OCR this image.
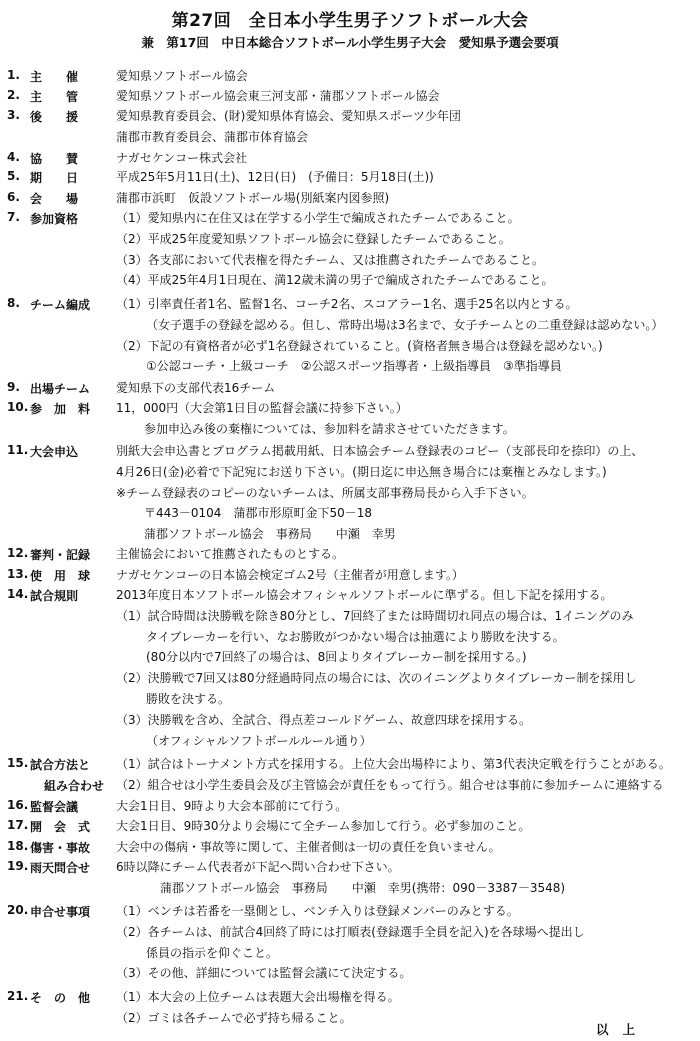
第27回　全日本小学生男子ソフトボール大会
兼　第17回　中日本総合ソフトボール小学生男子大会　愛知県予選会要項
1. 主　　催	愛知県ソフトボール協会
2. 主　　管	愛知県ソフトボール協会東三河支部・蒲郡ソフトボール協会
3. 後　　援	愛知県教育委員会、(財)愛知県体育協会、愛知県スポーツ少年団
蒲郡市教育委員会、蒲郡市体育協会
4. 協　　賛	ナガセケンコー株式会社
5. 期　　日	平成25年5月11日(土)、12日(日)　(予備日：5月18日(土))
6. 会　　場	蒲郡市浜町　仮設ソフトボール場(別紙案内図参照)
7. 参加資格	（1）愛知県内に在住又は在学する小学生で編成されたチームであること。
（2）平成25年度愛知県ソフトボール協会に登録したチームであること。
（3）各支部において代表権を得たチーム、又は推薦されたチームであること。
（4）平成25年4月1日現在、満12歳未満の男子で編成されたチームであること。
8. チーム編成 （1）引率責任者1名、監督1名、コーチ2名、スコアラー1名、選手25名以内とする。
（女子選手の登録を認める。但し、常時出場は3名まで、女子チームとの二重登録は認めない。）
（2）下記の有資格者が必ず1名登録されていること。(資格者無き場合は登録を認めない。)
①公認コーチ・上級コーチ　②公認スポーツ指導者・上級指導員　③準指導員
9. 出場チーム 愛知県下の支部代表16チーム
10. 参　加　料 11，000円（大会第1日目の監督会議に持参下さい。）
参加申込み後の棄権については、参加料を請求させていただきます。
11. 大会申込	別紙大会申込書とプログラム掲載用紙、日本協会チーム登録表のコピー（支部長印を捺印）の上、
4月26日(金)必着で下記宛にお送り下さい。(期日迄に申込無き場合には棄権とみなします。)
※チーム登録表のコピーのないチームは、所属支部事務局長から入手下さい。
〒443－0104　蒲郡市形原町金下50－18
蒲郡ソフトボール協会　事務局　　中瀬　幸男
12. 審判・記録 主催協会において推薦されたものとする。
13. 使　用　球 ナガセケンコーの日本協会検定ゴム2号（主催者が用意します。）
14. 試合規則	2013年度日本ソフトボール協会オフィシャルソフトボールに準ずる。但し下記を採用する。
（1）試合時間は決勝戦を除き80分とし、7回終了または時間切れ同点の場合は、1イニングのみ
タイブレーカーを行い、なお勝敗がつかない場合は抽選により勝敗を決する。
(80分以内で7回終了の場合は、8回よりタイブレーカー制を採用する。)
（2）決勝戦で7回又は80分経過時同点の場合には、次のイニングよりタイブレーカー制を採用し
勝敗を決する。
（3）決勝戦を含め、全試合、得点差コールドゲーム、故意四球を採用する。
（オフィシャルソフトボールルール通り）
15. 試合方法と
組み合わせ
（1）試合はトーナメント方式を採用する。上位大会出場枠により、第3代表決定戦を行うことがある。
（2）組合せは小学生委員会及び主管協会が責任をもって行う。組合せは事前に参加チームに連絡する
16. 監督会議	大会1日目、9時より大会本部前にて行う。
17. 開　会　式 大会1日目、9時30分より会場にて全チーム参加して行う。必ず参加のこと。
18. 傷害・事故 大会中の傷病・事故等に関して、主催者側は一切の責任を負いません。
19. 雨天問合せ 6時以降にチーム代表者が下記へ問い合わせ下さい。
蒲郡ソフトボール協会　事務局　　中瀬　幸男(携帯：090－3387－3548)
20. 申合せ事項 （1）ベンチは若番を一塁側とし、ベンチ入りは登録メンバーのみとする。
（2）各チームは、前試合4回終了時には打順表(登録選手全員を記入)を各球場へ提出し
係員の指示を仰ぐこと。
（3）その他、詳細については監督会議にて決定する。
21. そ　の　他 （1）本大会の上位チームは表題大会出場権を得る。
（2）ゴミは各チームで必ず持ち帰ること。
以上
